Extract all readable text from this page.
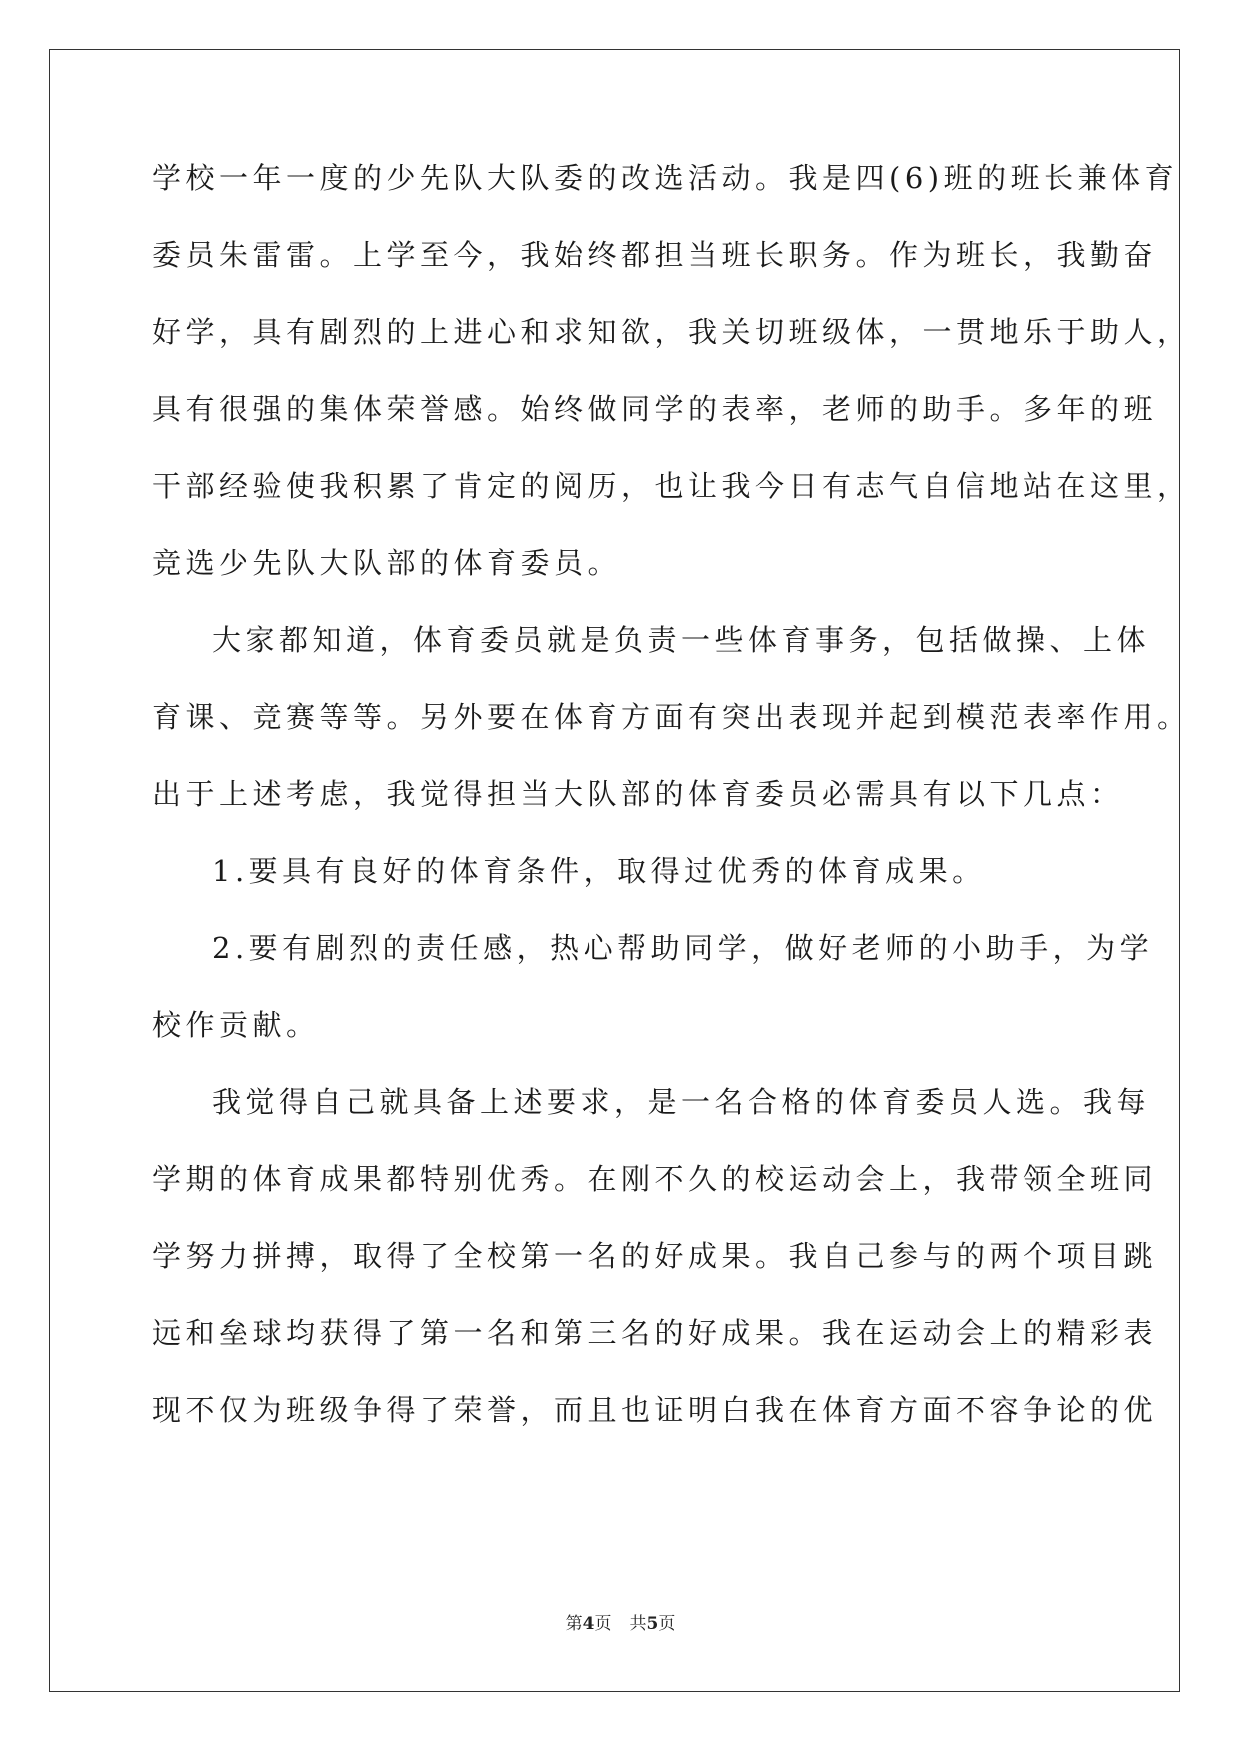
学校一年一度的少先队大队委的改选活动。我是四(6)班的班长兼体育
委员朱雷雷。上学至今，我始终都担当班长职务。作为班长，我勤奋
好学，具有剧烈的上进心和求知欲，我关切班级体，一贯地乐于助人，
具有很强的集体荣誉感。始终做同学的表率，老师的助手。多年的班
干部经验使我积累了肯定的阅历，也让我今日有志气自信地站在这里，
竞选少先队大队部的体育委员。
大家都知道，体育委员就是负责一些体育事务，包括做操、上体
育课、竞赛等等。另外要在体育方面有突出表现并起到模范表率作用。
出于上述考虑，我觉得担当大队部的体育委员必需具有以下几点：
1.要具有良好的体育条件，取得过优秀的体育成果。
2.要有剧烈的责任感，热心帮助同学，做好老师的小助手，为学
校作贡献。
我觉得自己就具备上述要求，是一名合格的体育委员人选。我每
学期的体育成果都特别优秀。在刚不久的校运动会上，我带领全班同
学努力拼搏，取得了全校第一名的好成果。我自己参与的两个项目跳
远和垒球均获得了第一名和第三名的好成果。我在运动会上的精彩表
现不仅为班级争得了荣誉，而且也证明白我在体育方面不容争论的优
第4页 共5页
